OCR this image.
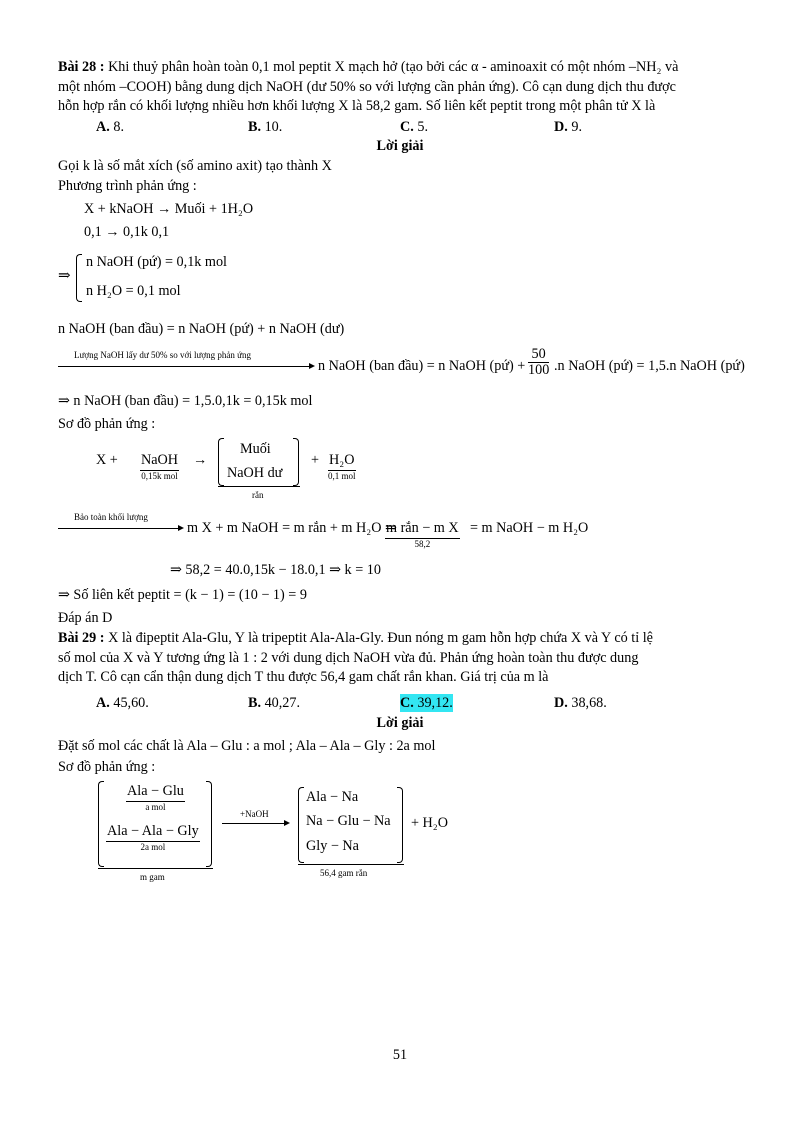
Bài 28 : Khi thuỷ phân hoàn toàn 0,1 mol peptit X mạch hở (tạo bởi các α - aminoaxit có một nhóm –NH₂ và
một nhóm –COOH) bằng dung dịch NaOH (dư 50% so với lượng cần phản ứng). Cô cạn dung dịch thu được
hỗn hợp rắn có khối lượng nhiều hơn khối lượng X là 58,2 gam. Số liên kết peptit trong một phân tử X là
A. 8.	B. 10.	C. 5.	D. 9.
Lời giải
Gọi k là số mắt xích (số amino axit) tạo thành X
Phương trình phản ứng :
X + kNaOH → Muối + 1H₂O
0,1 → 0,1k 0,1
⇒
n NaOH (pứ) = 0,1k mol
n H₂O = 0,1 mol
n NaOH (ban đầu) = n NaOH (pứ) + n NaOH (dư)
Lượng NaOH lấy dư 50% so với lượng phản ứng
n NaOH (ban đầu) = n NaOH (pứ) + $\frac{50}{100} .n$ NaOH (pứ) = 1,5.n NaOH (pứ)
⇒ n NaOH (ban đầu) = 1,5.0,1k = 0,15k mol
Sơ đồ phản ứng :
X + NaOH
0,15k mol
→
Muối
NaOH dư
rắn
+ H₂O
0,1 mol
Bảo toàn khối lượng
m X + m NaOH = m rắn + m H₂O ⇒
m rắn − m X
58,2
= m NaOH − m H₂O
⇒ 58,2 = 40.0,15k − 18.0,1 ⇒ k = 10
⇒ Số liên kết peptit = (k − 1) = (10 − 1) = 9
Đáp án D
Bài 29 : X là đipeptit Ala-Glu, Y là tripeptit Ala-Ala-Gly. Đun nóng m gam hỗn hợp chứa X và Y có tỉ lệ
số mol của X và Y tương ứng là 1 : 2 với dung dịch NaOH vừa đủ. Phản ứng hoàn toàn thu được dung
dịch T. Cô cạn cẩn thận dung dịch T thu được 56,4 gam chất rắn khan. Giá trị của m là
A. 45,60.	B. 40,27.	C. 39,12.	D. 38,68.
Lời giải
Đặt số mol các chất là Ala – Glu : a mol ; Ala – Ala – Gly : 2a mol
Sơ đồ phản ứng :
Ala − Glu
a mol
Ala − Ala − Gly
2a mol
m gam
+NaOH
Ala − Na
Na − Glu − Na
Gly − Na
56,4 gam rắn
+ H₂O
51
